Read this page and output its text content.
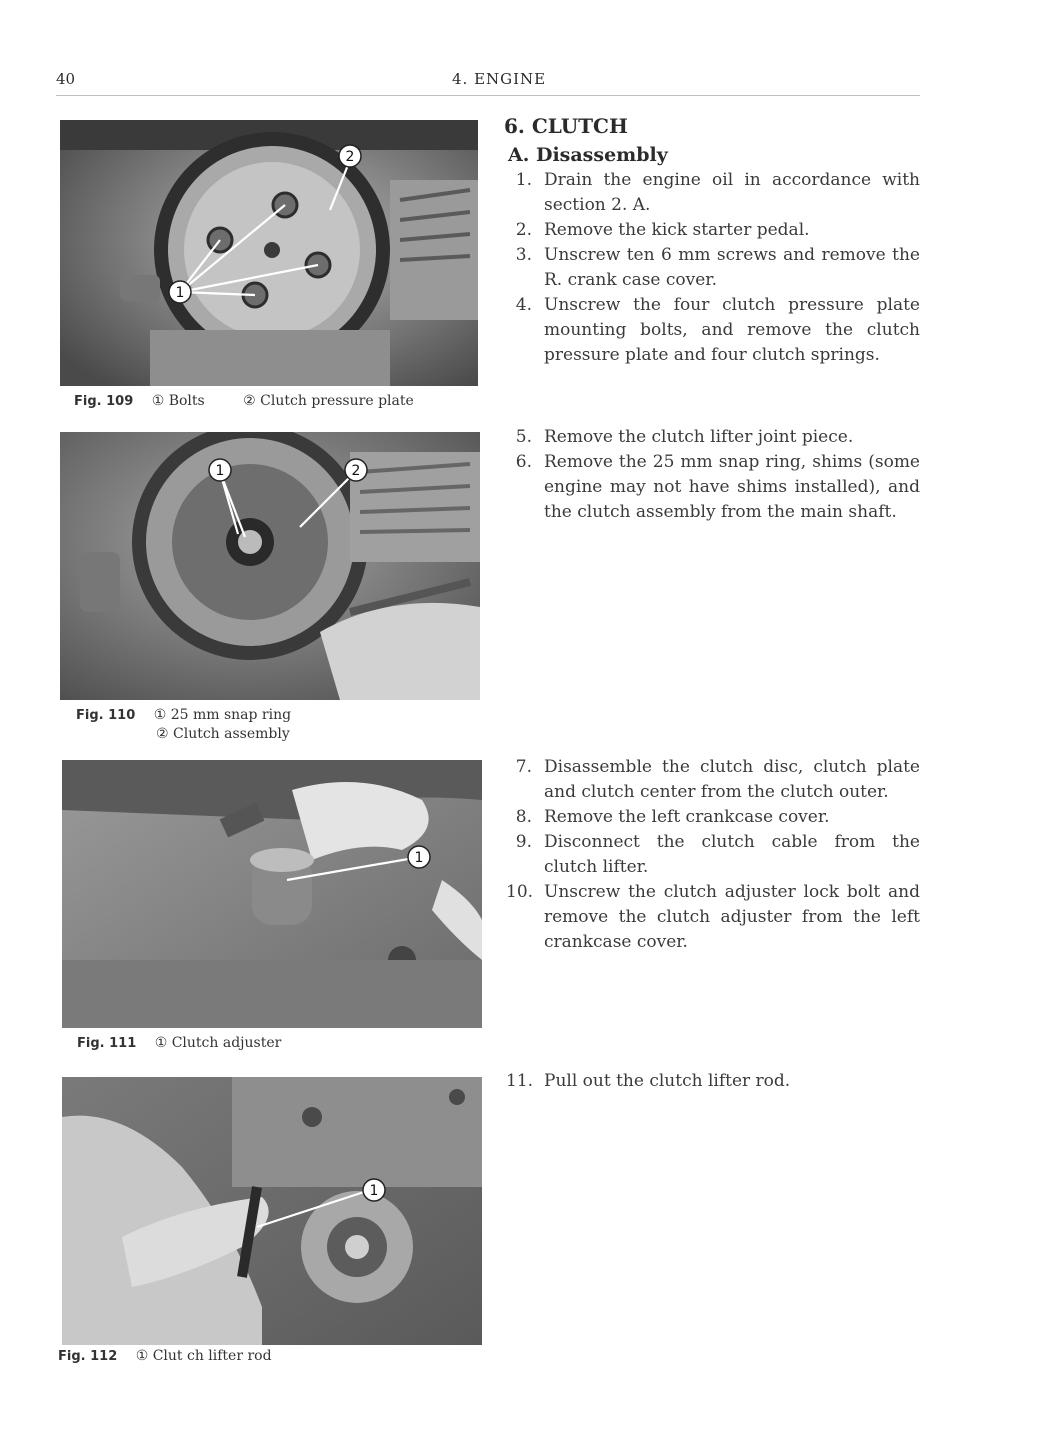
40	4. ENGINE
1
2
Fig. 109 ① Bolts	② Clutch pressure plate
1	2
Fig. 110 ① 25 mm snap ring
② Clutch assembly
1
Fig. 111 ① Clutch adjuster
1
Fig. 112 ① Clut ch lifter rod
6. CLUTCH
A. Disassembly
1. Drain the engine oil in accordance with section 2. A.
2. Remove the kick starter pedal.
3. Unscrew ten 6 mm screws and remove the R. crank case cover.
4. Unscrew the four clutch pressure plate mounting bolts, and remove the clutch pressure plate and four clutch springs.
5. Remove the clutch lifter joint piece.
6. Remove the 25 mm snap ring, shims (some engine may not have shims installed), and the clutch assembly from the main shaft.
7. Disassemble the clutch disc, clutch plate and clutch center from the clutch outer.
8. Remove the left crankcase cover.
9. Disconnect the clutch cable from the clutch lifter.
10. Unscrew the clutch adjuster lock bolt and remove the clutch adjuster from the left crankcase cover.
11. Pull out the clutch lifter rod.
